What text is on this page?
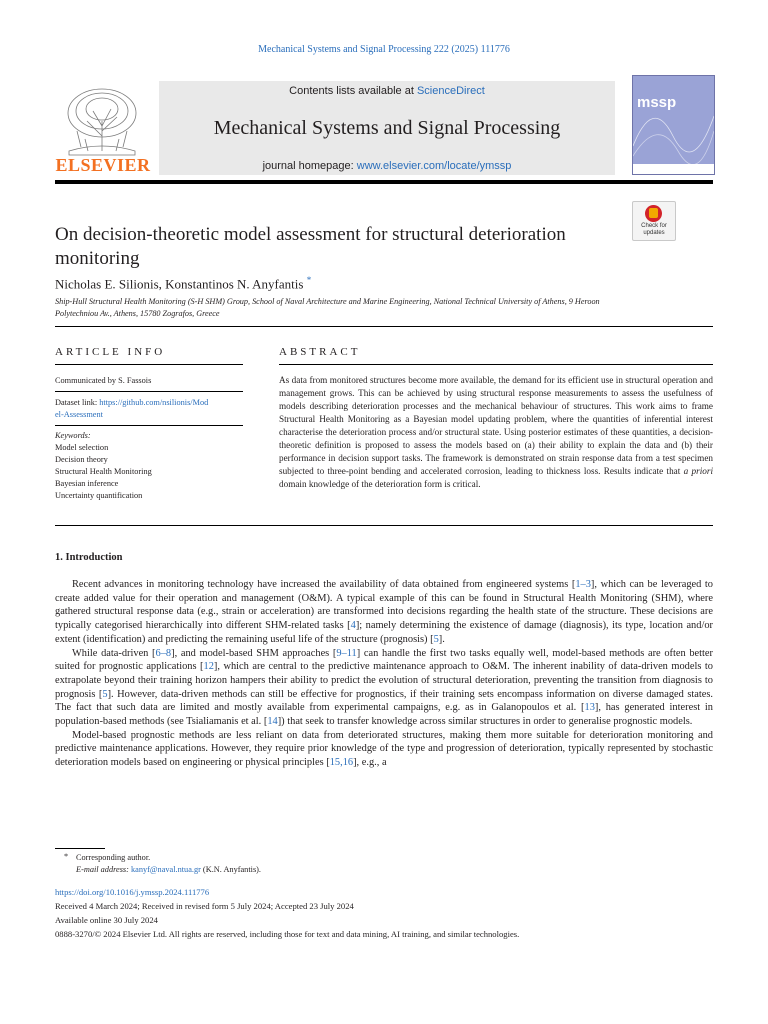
Mechanical Systems and Signal Processing 222 (2025) 111776
ELSEVIER
Contents lists available at ScienceDirect
Mechanical Systems and Signal Processing
journal homepage: www.elsevier.com/locate/ymssp
mssp
Check for
updates
On decision-theoretic model assessment for structural deterioration monitoring
Nicholas E. Silionis, Konstantinos N. Anyfantis *
Ship-Hull Structural Health Monitoring (S-H SHM) Group, School of Naval Architecture and Marine Engineering, National Technical University of Athens, 9 Heroon Polytechniou Av., Athens, 15780 Zografos, Greece
ARTICLE INFO
Communicated by S. Fassois
Dataset link: https://github.com/nsilionis/Mod
el-Assessment
Keywords:
Model selection
Decision theory
Structural Health Monitoring
Bayesian inference
Uncertainty quantification
ABSTRACT
As data from monitored structures become more available, the demand for its efficient use in structural operation and management grows. This can be achieved by using structural response measurements to assess the usefulness of models describing deterioration processes and the mechanical behaviour of structures. This work aims to frame Structural Health Monitoring as a Bayesian model updating problem, where the quantities of inferential interest characterise the deterioration process and/or structural state. Using posterior estimates of these quantities, a decision-theoretic definition is proposed to assess the models based on (a) their ability to explain the data and (b) their performance in decision support tasks. The framework is demonstrated on strain response data from a test specimen subjected to three-point bending and accelerated corrosion, leading to thickness loss. Results indicate that a priori domain knowledge of the deterioration form is critical.
1. Introduction

Recent advances in monitoring technology have increased the availability of data obtained from engineered systems [1–3], which can be leveraged to create added value for their operation and management (O&M). A typical example of this can be found in Structural Health Monitoring (SHM), where gathered structural response data (e.g., strain or acceleration) are transformed into decisions regarding the health state of the structure. These decisions are typically categorised hierarchically into different SHM-related tasks [4]; namely determining the existence of damage (diagnosis), its type, location and/or extent (identification) and predicting the remaining useful life of the structure (prognosis) [5].

While data-driven [6–8], and model-based SHM approaches [9–11] can handle the first two tasks equally well, model-based methods are often better suited for prognostic applications [12], which are central to the predictive maintenance approach to O&M. The inherent inability of data-driven models to extrapolate beyond their training horizon hampers their ability to predict the evolution of structural deterioration, preventing the transition from diagnosis to prognosis [5]. However, data-driven methods can still be effective for prognostics, if their training sets encompass information on diverse damaged states. The fact that such data are limited and mostly available from experimental campaigns, e.g. as in Galanopoulos et al. [13], has generated interest in population-based methods (see Tsialiamanis et al. [14]) that seek to transfer knowledge across similar structures in order to generalise prognostic models.

Model-based prognostic methods are less reliant on data from deteriorated structures, making them more suitable for deterioration monitoring and predictive maintenance applications. However, they require prior knowledge of the type and progression of deterioration, typically represented by stochastic deterioration models based on engineering or physical principles [15,16], e.g., a

* Corresponding author.
E-mail address: kanyf@naval.ntua.gr (K.N. Anyfantis).
https://doi.org/10.1016/j.ymssp.2024.111776
Received 4 March 2024; Received in revised form 5 July 2024; Accepted 23 July 2024
Available online 30 July 2024
0888-3270/© 2024 Elsevier Ltd. All rights are reserved, including those for text and data mining, AI training, and similar technologies.
